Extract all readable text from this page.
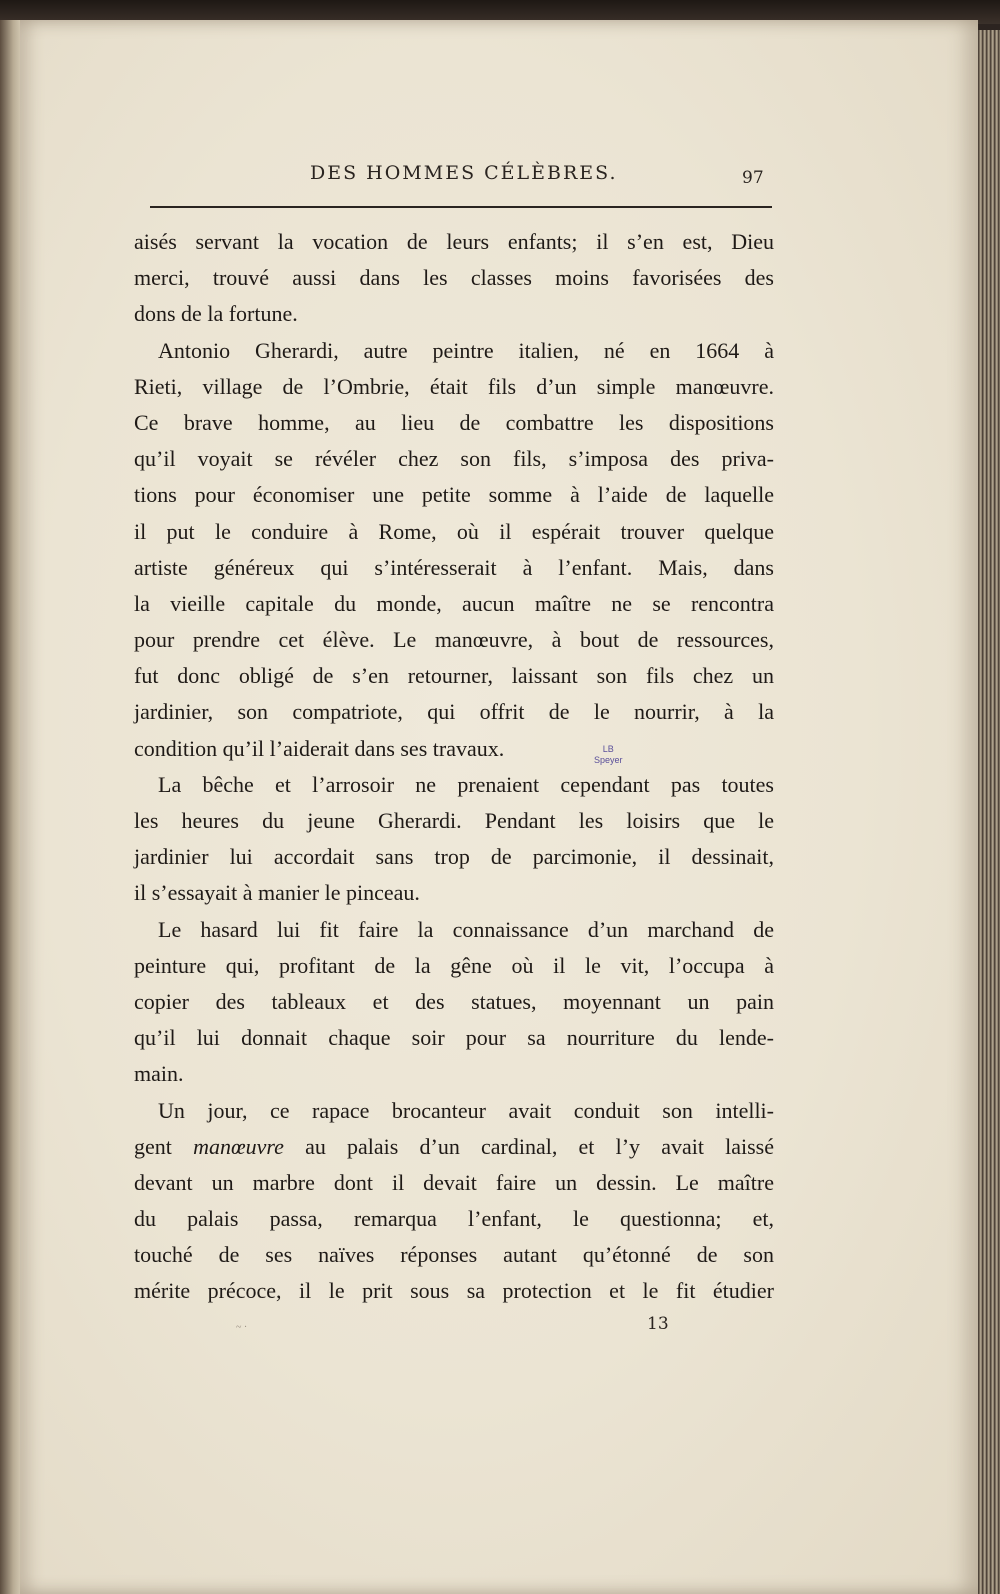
DES HOMMES CÉLÈBRES.	97
aisés servant la vocation de leurs enfants; il s’en est, Dieu
merci, trouvé aussi dans les classes moins favorisées des
dons de la fortune.
Antonio Gherardi, autre peintre italien, né en 1664 à
Rieti, village de l’Ombrie, était fils d’un simple manœuvre.
Ce brave homme, au lieu de combattre les dispositions
qu’il voyait se révéler chez son fils, s’imposa des priva-
tions pour économiser une petite somme à l’aide de laquelle
il put le conduire à Rome, où il espérait trouver quelque
artiste généreux qui s’intéresserait à l’enfant. Mais, dans
la vieille capitale du monde, aucun maître ne se rencontra
pour prendre cet élève. Le manœuvre, à bout de ressources,
fut donc obligé de s’en retourner, laissant son fils chez un
jardinier, son compatriote, qui offrit de le nourrir, à la
condition qu’il l’aiderait dans ses travaux.
La bêche et l’arrosoir ne prenaient cependant pas toutes
les heures du jeune Gherardi. Pendant les loisirs que le
jardinier lui accordait sans trop de parcimonie, il dessinait,
il s’essayait à manier le pinceau.
Le hasard lui fit faire la connaissance d’un marchand de
peinture qui, profitant de la gêne où il le vit, l’occupa à
copier des tableaux et des statues, moyennant un pain
qu’il lui donnait chaque soir pour sa nourriture du lende-
main.
Un jour, ce rapace brocanteur avait conduit son intelli-
gent manœuvre au palais d’un cardinal, et l’y avait laissé
devant un marbre dont il devait faire un dessin. Le maître
du palais passa, remarqua l’enfant, le questionna; et,
touché de ses naïves réponses autant qu’étonné de son
mérite précoce, il le prit sous sa protection et le fit étudier
LB
Speyer
~ ·	13
